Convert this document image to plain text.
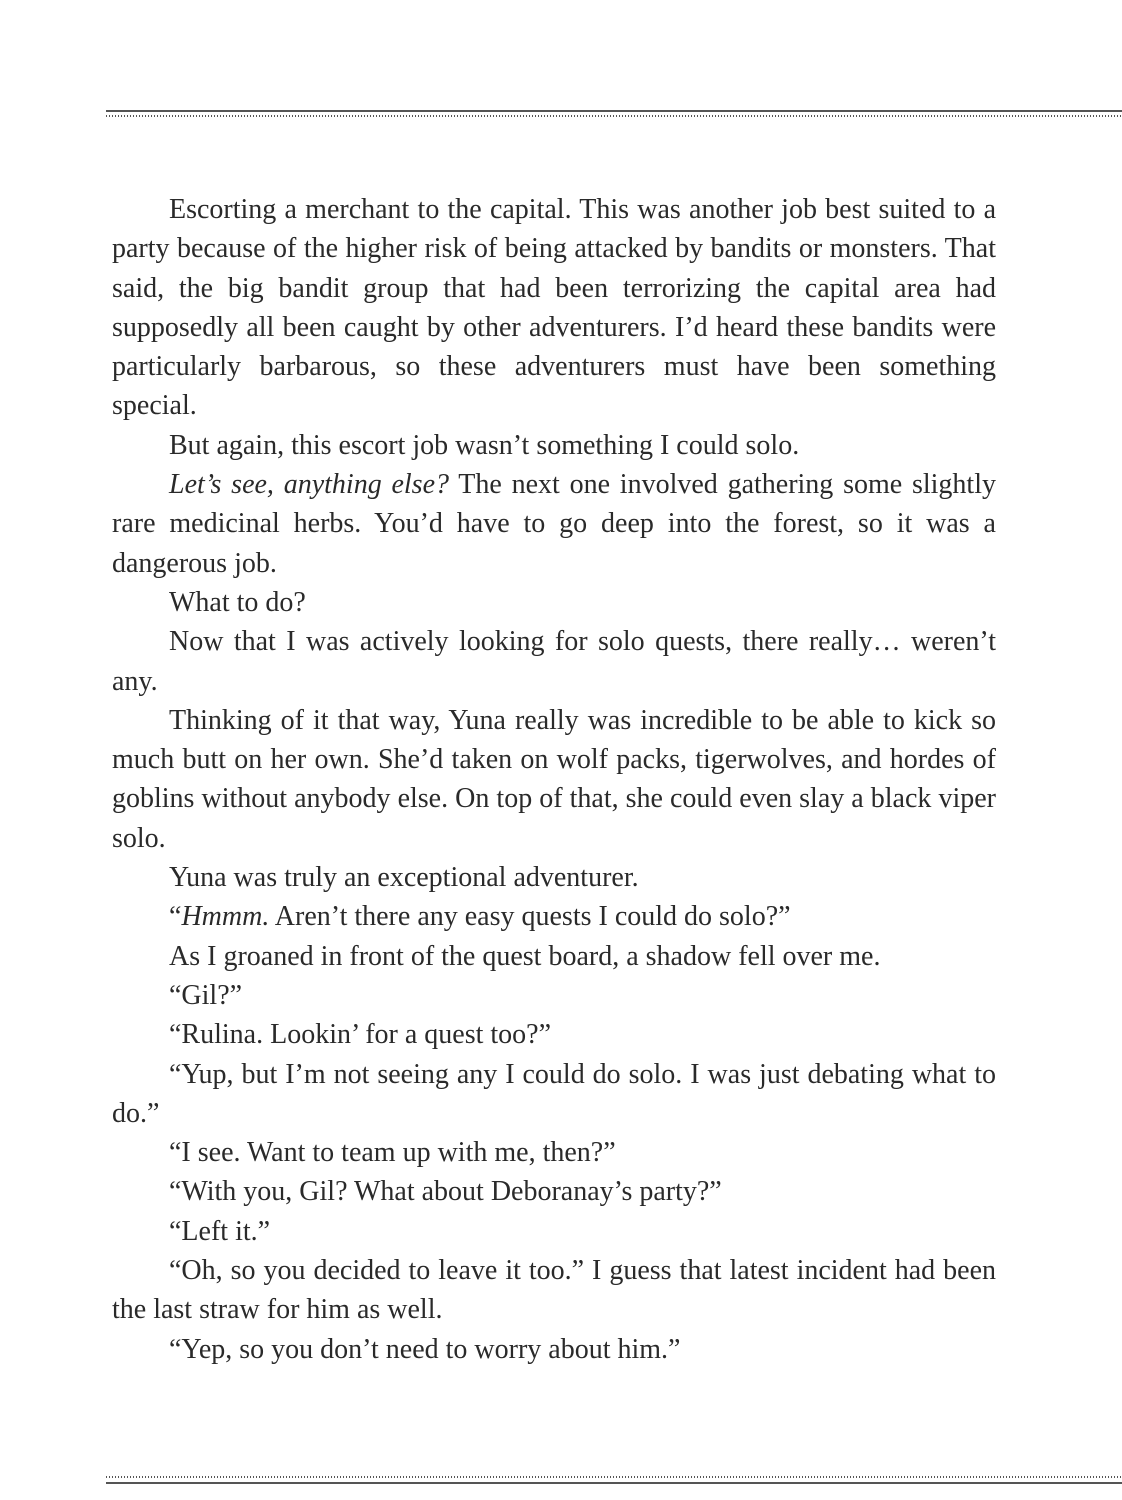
Escorting a merchant to the capital. This was another job best suited to a party because of the higher risk of being attacked by bandits or monsters. That said, the big bandit group that had been terrorizing the capital area had supposedly all been caught by other adventurers. I’d heard these bandits were particularly barbarous, so these adventurers must have been something special.

But again, this escort job wasn’t something I could solo.

Let’s see, anything else? The next one involved gathering some slightly rare medicinal herbs. You’d have to go deep into the forest, so it was a dangerous job.

What to do?

Now that I was actively looking for solo quests, there really… weren’t any.

Thinking of it that way, Yuna really was incredible to be able to kick so much butt on her own. She’d taken on wolf packs, tigerwolves, and hordes of goblins without anybody else. On top of that, she could even slay a black viper solo.

Yuna was truly an exceptional adventurer.

“Hmmm. Aren’t there any easy quests I could do solo?”

As I groaned in front of the quest board, a shadow fell over me.

“Gil?”

“Rulina. Lookin’ for a quest too?”

“Yup, but I’m not seeing any I could do solo. I was just debating what to do.”

“I see. Want to team up with me, then?”

“With you, Gil? What about Deboranay’s party?”

“Left it.”

“Oh, so you decided to leave it too.” I guess that latest incident had been the last straw for him as well.

“Yep, so you don’t need to worry about him.”
